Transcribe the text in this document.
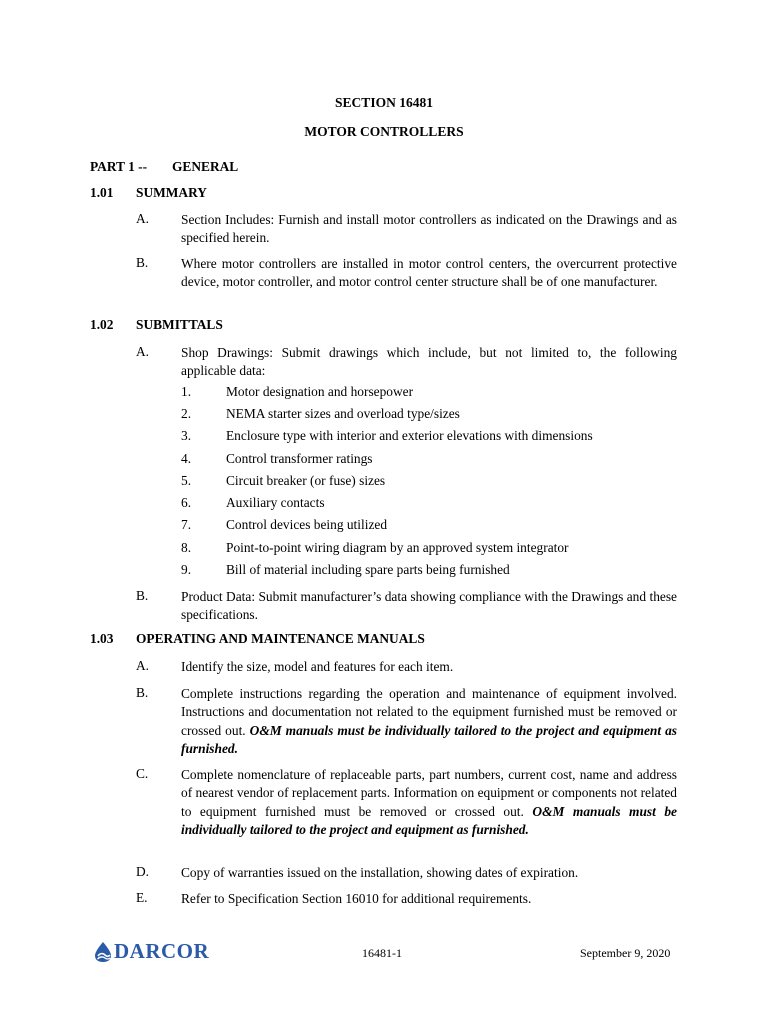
SECTION 16481
MOTOR CONTROLLERS
PART 1 -- GENERAL
1.01 SUMMARY
A. Section Includes: Furnish and install motor controllers as indicated on the Drawings and as specified herein.
B. Where motor controllers are installed in motor control centers, the overcurrent protective device, motor controller, and motor control center structure shall be of one manufacturer.
1.02 SUBMITTALS
A. Shop Drawings: Submit drawings which include, but not limited to, the following applicable data:
1.	Motor designation and horsepower
2.	NEMA starter sizes and overload type/sizes
3.	Enclosure type with interior and exterior elevations with dimensions
4.	Control transformer ratings
5.	Circuit breaker (or fuse) sizes
6.	Auxiliary contacts
7.	Control devices being utilized
8.	Point-to-point wiring diagram by an approved system integrator
9.	Bill of material including spare parts being furnished
B. Product Data: Submit manufacturer’s data showing compliance with the Drawings and these specifications.
1.03 OPERATING AND MAINTENANCE MANUALS
A. Identify the size, model and features for each item.
B. Complete instructions regarding the operation and maintenance of equipment involved. Instructions and documentation not related to the equipment furnished must be removed or crossed out. O&M manuals must be individually tailored to the project and equipment as furnished.
C. Complete nomenclature of replaceable parts, part numbers, current cost, name and address of nearest vendor of replacement parts. Information on equipment or components not related to equipment furnished must be removed or crossed out. O&M manuals must be individually tailored to the project and equipment as furnished.
D. Copy of warranties issued on the installation, showing dates of expiration.
E. Refer to Specification Section 16010 for additional requirements.
DARCOR	16481-1	September 9, 2020
